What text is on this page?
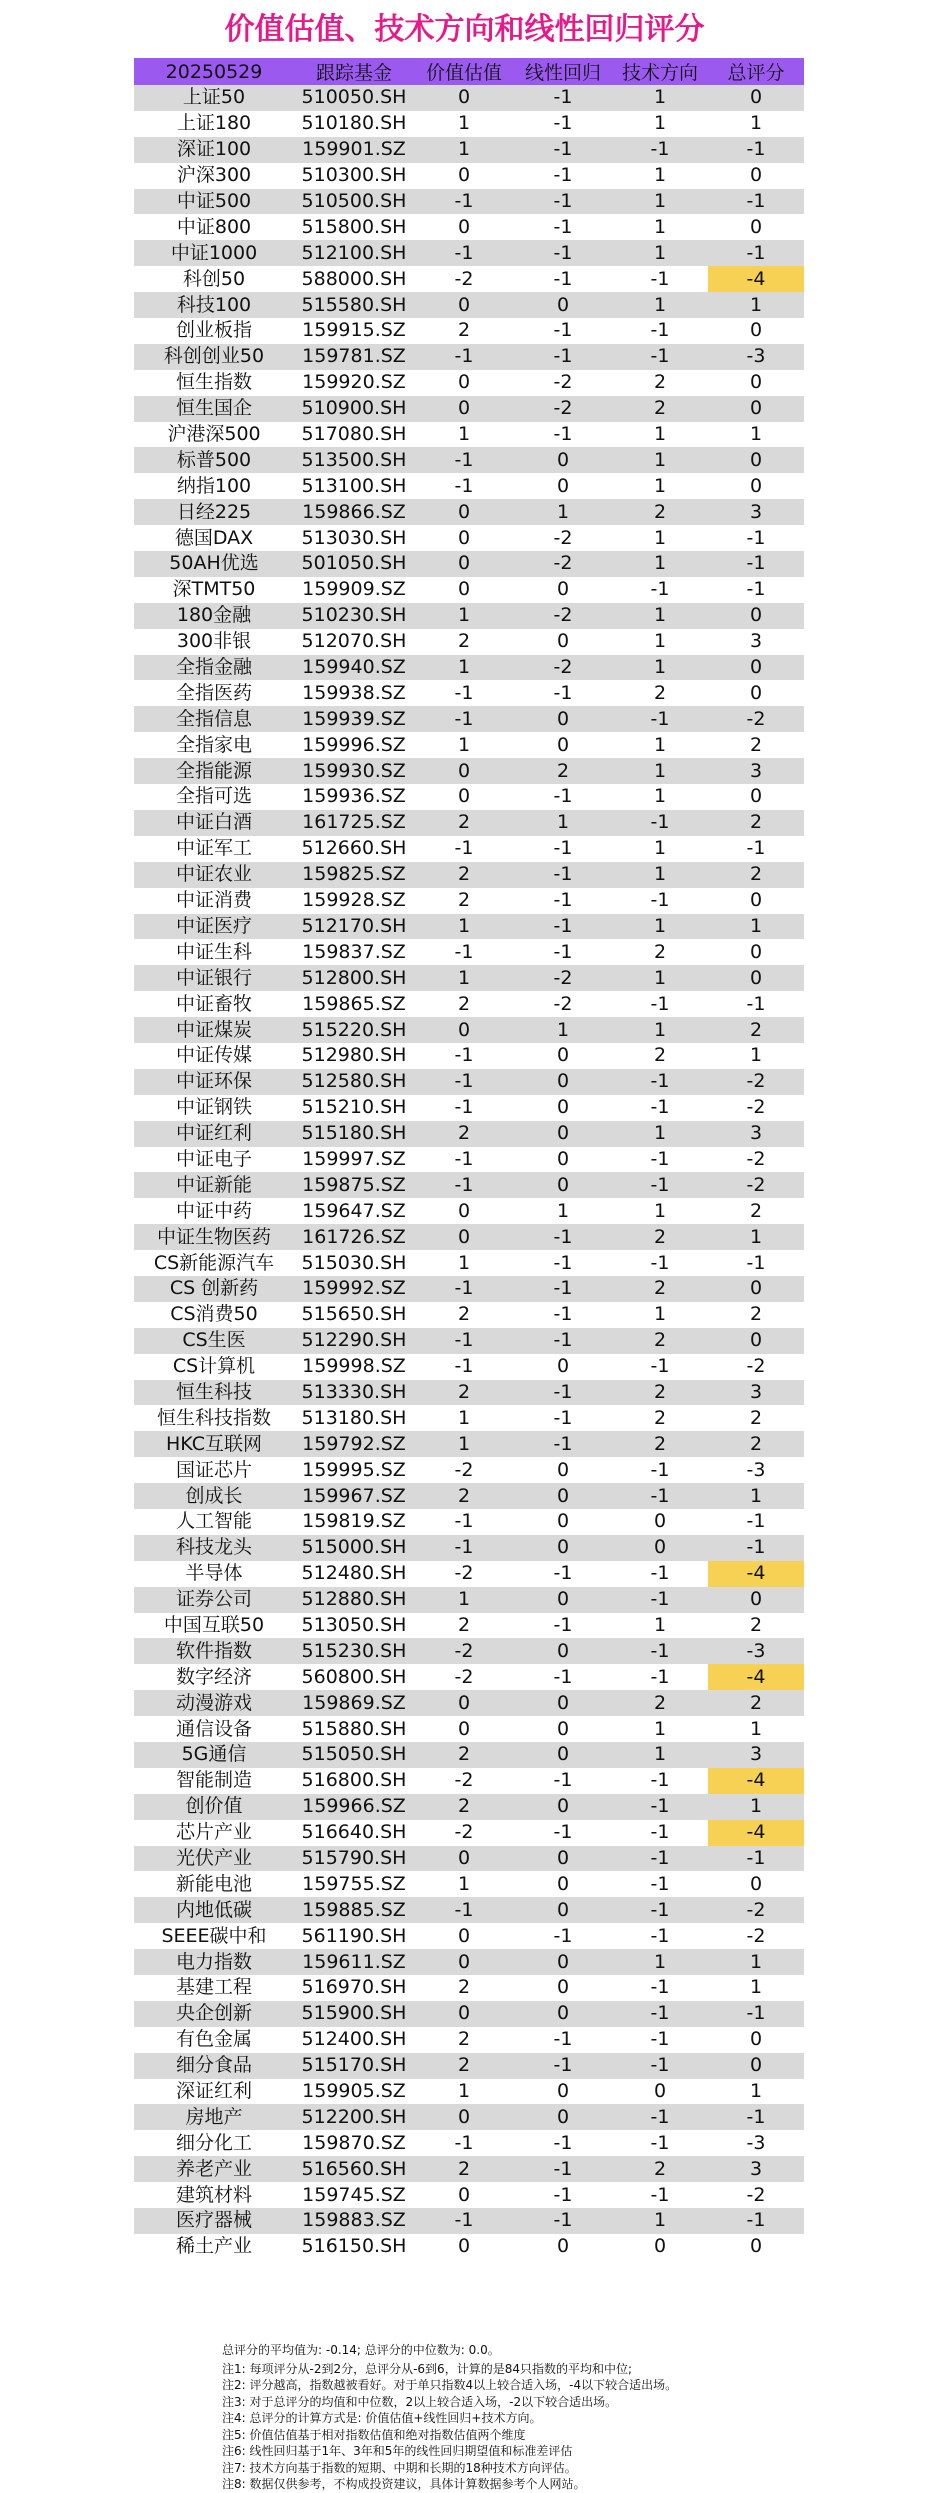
价值估值、技术方向和线性回归评分
20250529	跟踪基金	价值估值	线性回归	技术方向	总评分
上证50	510050.SH	0	-1	1	0
上证180	510180.SH	1	-1	1	1
深证100	159901.SZ	1	-1	-1	-1
沪深300	510300.SH	0	-1	1	0
中证500	510500.SH	-1	-1	1	-1
中证800	515800.SH	0	-1	1	0
中证1000	512100.SH	-1	-1	1	-1
科创50	588000.SH	-2	-1	-1	-4
科技100	515580.SH	0	0	1	1
创业板指	159915.SZ	2	-1	-1	0
科创创业50	159781.SZ	-1	-1	-1	-3
恒生指数	159920.SZ	0	-2	2	0
恒生国企	510900.SH	0	-2	2	0
沪港深500	517080.SH	1	-1	1	1
标普500	513500.SH	-1	0	1	0
纳指100	513100.SH	-1	0	1	0
日经225	159866.SZ	0	1	2	3
德国DAX	513030.SH	0	-2	1	-1
50AH优选	501050.SH	0	-2	1	-1
深TMT50	159909.SZ	0	0	-1	-1
180金融	510230.SH	1	-2	1	0
300非银	512070.SH	2	0	1	3
全指金融	159940.SZ	1	-2	1	0
全指医药	159938.SZ	-1	-1	2	0
全指信息	159939.SZ	-1	0	-1	-2
全指家电	159996.SZ	1	0	1	2
全指能源	159930.SZ	0	2	1	3
全指可选	159936.SZ	0	-1	1	0
中证白酒	161725.SZ	2	1	-1	2
中证军工	512660.SH	-1	-1	1	-1
中证农业	159825.SZ	2	-1	1	2
中证消费	159928.SZ	2	-1	-1	0
中证医疗	512170.SH	1	-1	1	1
中证生科	159837.SZ	-1	-1	2	0
中证银行	512800.SH	1	-2	1	0
中证畜牧	159865.SZ	2	-2	-1	-1
中证煤炭	515220.SH	0	1	1	2
中证传媒	512980.SH	-1	0	2	1
中证环保	512580.SH	-1	0	-1	-2
中证钢铁	515210.SH	-1	0	-1	-2
中证红利	515180.SH	2	0	1	3
中证电子	159997.SZ	-1	0	-1	-2
中证新能	159875.SZ	-1	0	-1	-2
中证中药	159647.SZ	0	1	1	2
中证生物医药	161726.SZ	0	-1	2	1
CS新能源汽车	515030.SH	1	-1	-1	-1
CS 创新药	159992.SZ	-1	-1	2	0
CS消费50	515650.SH	2	-1	1	2
CS生医	512290.SH	-1	-1	2	0
CS计算机	159998.SZ	-1	0	-1	-2
恒生科技	513330.SH	2	-1	2	3
恒生科技指数	513180.SH	1	-1	2	2
HKC互联网	159792.SZ	1	-1	2	2
国证芯片	159995.SZ	-2	0	-1	-3
创成长	159967.SZ	2	0	-1	1
人工智能	159819.SZ	-1	0	0	-1
科技龙头	515000.SH	-1	0	0	-1
半导体	512480.SH	-2	-1	-1	-4
证券公司	512880.SH	1	0	-1	0
中国互联50	513050.SH	2	-1	1	2
软件指数	515230.SH	-2	0	-1	-3
数字经济	560800.SH	-2	-1	-1	-4
动漫游戏	159869.SZ	0	0	2	2
通信设备	515880.SH	0	0	1	1
5G通信	515050.SH	2	0	1	3
智能制造	516800.SH	-2	-1	-1	-4
创价值	159966.SZ	2	0	-1	1
芯片产业	516640.SH	-2	-1	-1	-4
光伏产业	515790.SH	0	0	-1	-1
新能电池	159755.SZ	1	0	-1	0
内地低碳	159885.SZ	-1	0	-1	-2
SEEE碳中和	561190.SH	0	-1	-1	-2
电力指数	159611.SZ	0	0	1	1
基建工程	516970.SH	2	0	-1	1
央企创新	515900.SH	0	0	-1	-1
有色金属	512400.SH	2	-1	-1	0
细分食品	515170.SH	2	-1	-1	0
深证红利	159905.SZ	1	0	0	1
房地产	512200.SH	0	0	-1	-1
细分化工	159870.SZ	-1	-1	-1	-3
养老产业	516560.SH	2	-1	2	3
建筑材料	159745.SZ	0	-1	-1	-2
医疗器械	159883.SZ	-1	-1	1	-1
稀土产业	516150.SH	0	0	0	0
总评分的平均值为: -0.14; 总评分的中位数为: 0.0。
注1: 每项评分从-2到2分，总评分从-6到6，计算的是84只指数的平均和中位;
注2: 评分越高，指数越被看好。对于单只指数4以上较合适入场，-4以下较合适出场。
注3: 对于总评分的均值和中位数，2以上较合适入场，-2以下较合适出场。
注4: 总评分的计算方式是: 价值估值+线性回归+技术方向。
注5: 价值估值基于相对指数估值和绝对指数估值两个维度
注6: 线性回归基于1年、3年和5年的线性回归期望值和标准差评估
注7: 技术方向基于指数的短期、中期和长期的18种技术方向评估。
注8: 数据仅供参考，不构成投资建议，具体计算数据参考个人网站。
